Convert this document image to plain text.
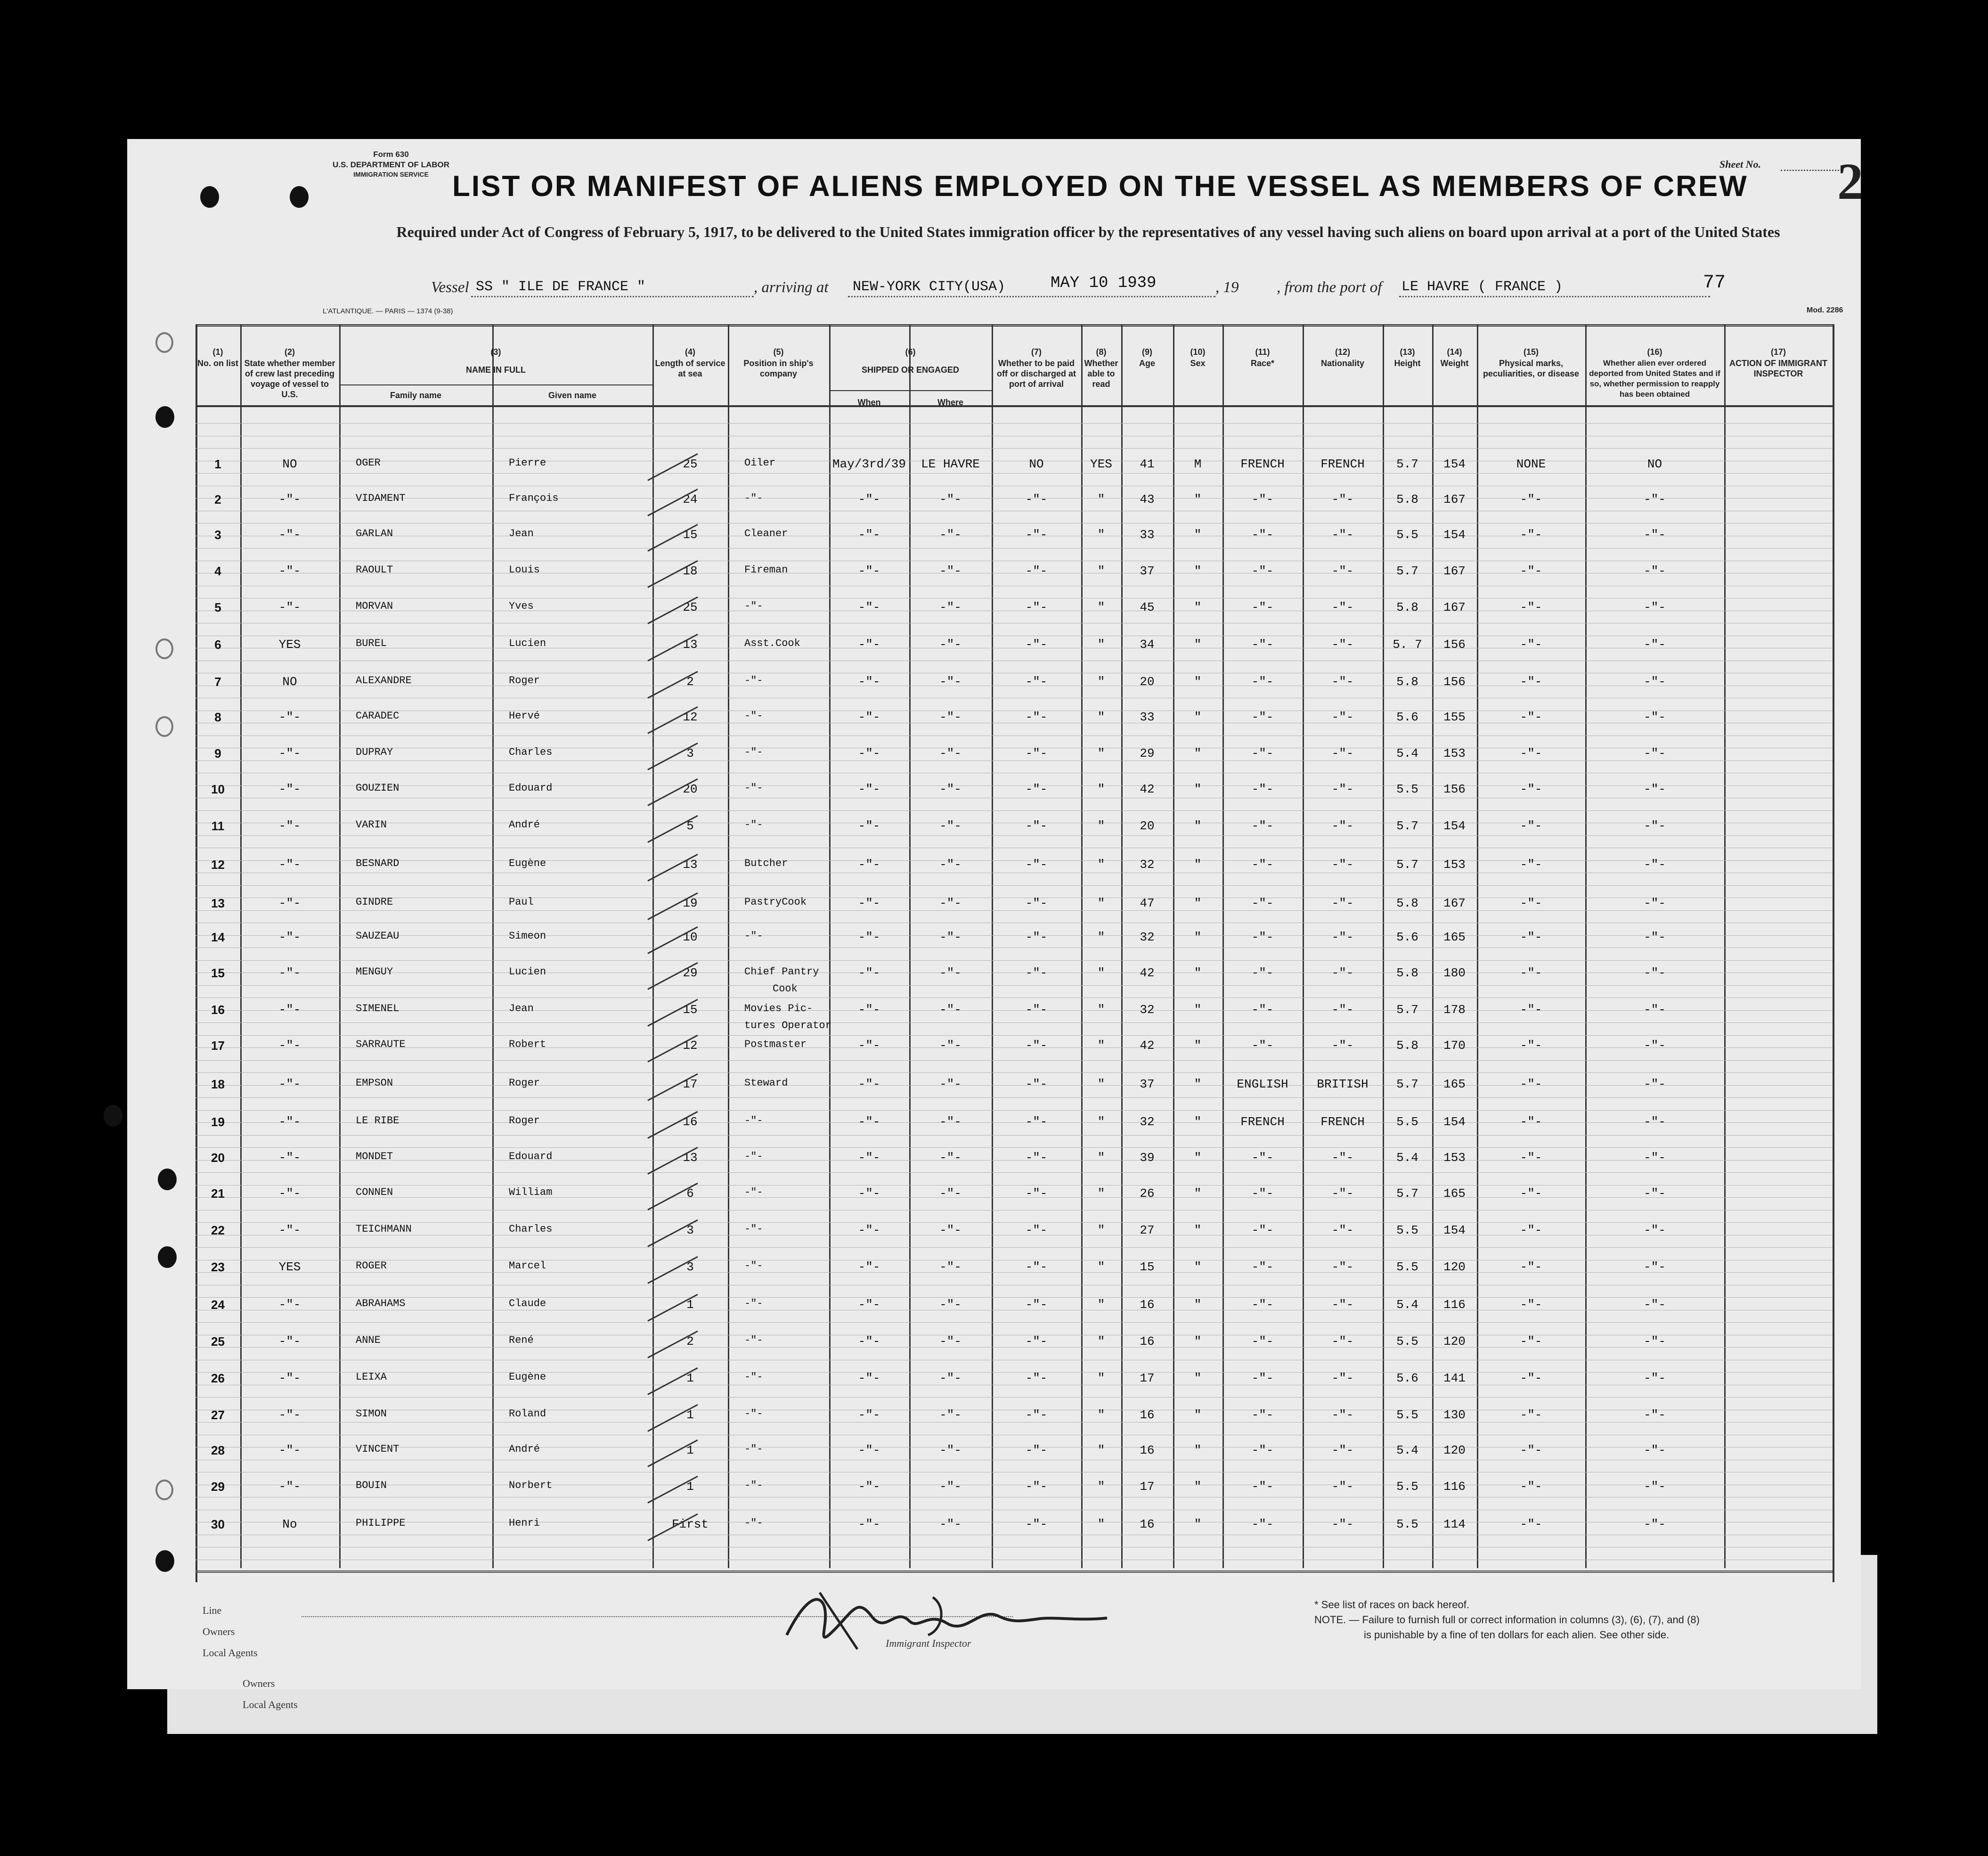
Form 630
U.S. DEPARTMENT OF LABOR
IMMIGRATION SERVICE
Sheet No. 2
LIST OR MANIFEST OF ALIENS EMPLOYED ON THE VESSEL AS MEMBERS OF CREW
Required under Act of Congress of February 5, 1917, to be delivered to the United States immigration officer by the representatives of any vessel having such aliens on board upon arrival at a port of the United States
Vessel SS " ILE DE FRANCE "	, arriving at NEW-YORK CITY(USA)	MAY 10 1939	, 19 , from the port of LE HAVRE ( FRANCE )	77
L'ATLANTIQUE. — PARIS — 1374 (9-38)	Mod. 2286
(1)
No. on list
(2)
State whether member of crew last preceding voyage of vessel to U.S.
(3)
NAME IN FULL
(4)
Length of service at sea
(5)
Position in ship's company
(6)
SHIPPED OR ENGAGED
(7)
Whether to be paid off or discharged at port of arrival
(8)
Whether able to read
(9)
Age
(10)
Sex
(11)
Race*
(12)
Nationality
(13)
Height
(14)
Weight
(15)
Physical marks, peculiarities, or disease
(16)
Whether alien ever ordered deported from United States and if so, whether permission to reapply has been obtained
(17)
ACTION OF IMMIGRANT INSPECTOR
Family name	Given name
When	Where
1	NO	OGER	Pierre	25	Oiler	May/3rd/39	LE HAVRE	NO	YES	41	M	FRENCH	FRENCH	5.7	154	NONE	NO
2	-"-	VIDAMENT	François	24	-"-	-"-	-"-	-"-	"	43	"	-"-	-"-	5.8	167	-"-	-"-
3	-"-	GARLAN	Jean	15	Cleaner	-"-	-"-	-"-	"	33	"	-"-	-"-	5.5	154	-"-	-"-
4	-"-	RAOULT	Louis	18	Fireman	-"-	-"-	-"-	"	37	"	-"-	-"-	5.7	167	-"-	-"-
5	-"-	MORVAN	Yves	25	-"-	-"-	-"-	-"-	"	45	"	-"-	-"-	5.8	167	-"-	-"-
6	YES	BUREL	Lucien	13	Asst.Cook	-"-	-"-	-"-	"	34	"	-"-	-"-	5. 7	156	-"-	-"-
7	NO	ALEXANDRE	Roger	2	-"-	-"-	-"-	-"-	"	20	"	-"-	-"-	5.8	156	-"-	-"-
8	-"-	CARADEC	Hervé	12	-"-	-"-	-"-	-"-	"	33	"	-"-	-"-	5.6	155	-"-	-"-
9	-"-	DUPRAY	Charles	3	-"-	-"-	-"-	-"-	"	29	"	-"-	-"-	5.4	153	-"-	-"-
10	-"-	GOUZIEN	Edouard	20	-"-	-"-	-"-	-"-	"	42	"	-"-	-"-	5.5	156	-"-	-"-
11	-"-	VARIN	André	5	-"-	-"-	-"-	-"-	"	20	"	-"-	-"-	5.7	154	-"-	-"-
12	-"-	BESNARD	Eugène	13	Butcher	-"-	-"-	-"-	"	32	"	-"-	-"-	5.7	153	-"-	-"-
13	-"-	GINDRE	Paul	19	PastryCook	-"-	-"-	-"-	"	47	"	-"-	-"-	5.8	167	-"-	-"-
14	-"-	SAUZEAU	Simeon	10	-"-	-"-	-"-	-"-	"	32	"	-"-	-"-	5.6	165	-"-	-"-
15	-"-	MENGUY	Lucien	29	Chief Pantry	-"-	-"-	-"-	"	42	"	-"-	-"-	5.8	180	-"-	-"-
Cook
16	-"-	SIMENEL	Jean	15	Movies Pic-	-"-	-"-	-"-	"	32	"	-"-	-"-	5.7	178	-"-	-"-
tures Operator
17	-"-	SARRAUTE	Robert	12	Postmaster	-"-	-"-	-"-	"	42	"	-"-	-"-	5.8	170	-"-	-"-
18	-"-	EMPSON	Roger	17	Steward	-"-	-"-	-"-	"	37	"	ENGLISH	BRITISH	5.7	165	-"-	-"-
19	-"-	LE RIBE	Roger	16	-"-	-"-	-"-	-"-	"	32	"	FRENCH	FRENCH	5.5	154	-"-	-"-
20	-"-	MONDET	Edouard	13	-"-	-"-	-"-	-"-	"	39	"	-"-	-"-	5.4	153	-"-	-"-
21	-"-	CONNEN	William	6	-"-	-"-	-"-	-"-	"	26	"	-"-	-"-	5.7	165	-"-	-"-
22	-"-	TEICHMANN	Charles	3	-"-	-"-	-"-	-"-	"	27	"	-"-	-"-	5.5	154	-"-	-"-
23	YES	ROGER	Marcel	3	-"-	-"-	-"-	-"-	"	15	"	-"-	-"-	5.5	120	-"-	-"-
24	-"-	ABRAHAMS	Claude	1	-"-	-"-	-"-	-"-	"	16	"	-"-	-"-	5.4	116	-"-	-"-
25	-"-	ANNE	René	2	-"-	-"-	-"-	-"-	"	16	"	-"-	-"-	5.5	120	-"-	-"-
26	-"-	LEIXA	Eugène	1	-"-	-"-	-"-	-"-	"	17	"	-"-	-"-	5.6	141	-"-	-"-
27	-"-	SIMON	Roland	1	-"-	-"-	-"-	-"-	"	16	"	-"-	-"-	5.5	130	-"-	-"-
28	-"-	VINCENT	André	1	-"-	-"-	-"-	-"-	"	16	"	-"-	-"-	5.4	120	-"-	-"-
29	-"-	BOUIN	Norbert	1	-"-	-"-	-"-	-"-	"	17	"	-"-	-"-	5.5	116	-"-	-"-
30	No	PHILIPPE	Henri	First	-"-	-"-	-"-	-"-	"	16	"	-"-	-"-	5.5	114	-"-	-"-
Line
Owners
Local Agents
Owners
Local Agents
Immigrant Inspector
* See list of races on back hereof.
NOTE. — Failure to furnish full or correct information in columns (3), (6), (7), and (8)
is punishable by a fine of ten dollars for each alien. See other side.
